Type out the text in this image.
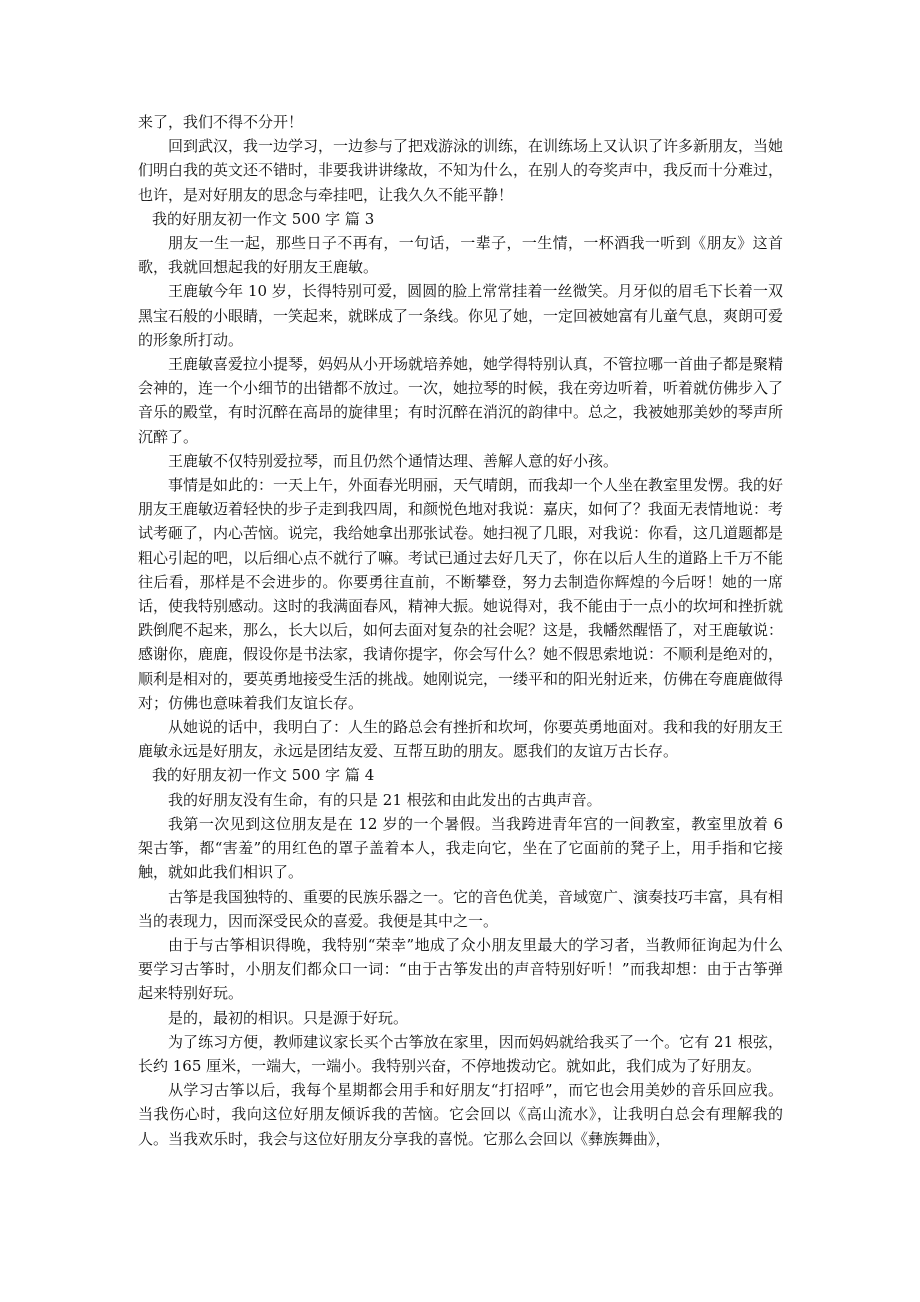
来了，我们不得不分开！

回到武汉，我一边学习，一边参与了把戏游泳的训练，在训练场上又认识了许多新朋友，当她们明白我的英文还不错时，非要我讲讲缘故，不知为什么，在别人的夸奖声中，我反而十分难过，也许，是对好朋友的思念与牵挂吧，让我久久不能平静！

我的好朋友初一作文 500 字 篇 3

朋友一生一起，那些日子不再有，一句话，一辈子，一生情，一杯酒我一听到《朋友》这首歌，我就回想起我的好朋友王鹿敏。

王鹿敏今年 10 岁，长得特别可爱，圆圆的脸上常常挂着一丝微笑。月牙似的眉毛下长着一双黑宝石般的小眼睛，一笑起来，就眯成了一条线。你见了她，一定回被她富有儿童气息，爽朗可爱的形象所打动。

王鹿敏喜爱拉小提琴，妈妈从小开场就培养她，她学得特别认真，不管拉哪一首曲子都是聚精会神的，连一个小细节的出错都不放过。一次，她拉琴的时候，我在旁边听着，听着就仿佛步入了音乐的殿堂，有时沉醉在高昂的旋律里；有时沉醉在消沉的韵律中。总之，我被她那美妙的琴声所沉醉了。

王鹿敏不仅特别爱拉琴，而且仍然个通情达理、善解人意的好小孩。

事情是如此的：一天上午，外面春光明丽，天气晴朗，而我却一个人坐在教室里发愣。我的好朋友王鹿敏迈着轻快的步子走到我四周，和颜悦色地对我说：嘉庆，如何了？我面无表情地说：考试考砸了，内心苦恼。说完，我给她拿出那张试卷。她扫视了几眼，对我说：你看，这几道题都是粗心引起的吧，以后细心点不就行了嘛。考试已通过去好几天了，你在以后人生的道路上千万不能往后看，那样是不会进步的。你要勇往直前，不断攀登，努力去制造你辉煌的今后呀！她的一席话，使我特别感动。这时的我满面春风，精神大振。她说得对，我不能由于一点小的坎坷和挫折就跌倒爬不起来，那么，长大以后，如何去面对复杂的社会呢？这是，我幡然醒悟了，对王鹿敏说：感谢你，鹿鹿，假设你是书法家，我请你提字，你会写什么？她不假思索地说：不顺利是绝对的，顺利是相对的，要英勇地接受生活的挑战。她刚说完，一缕平和的阳光射近来，仿佛在夸鹿鹿做得对；仿佛也意味着我们友谊长存。

从她说的话中，我明白了：人生的路总会有挫折和坎坷，你要英勇地面对。我和我的好朋友王鹿敏永远是好朋友，永远是团结友爱、互帮互助的朋友。愿我们的友谊万古长存。

我的好朋友初一作文 500 字 篇 4

我的好朋友没有生命，有的只是 21 根弦和由此发出的古典声音。

我第一次见到这位朋友是在 12 岁的一个暑假。当我跨进青年宫的一间教室，教室里放着 6 架古筝，都“害羞”的用红色的罩子盖着本人，我走向它，坐在了它面前的凳子上，用手指和它接触，就如此我们相识了。

古筝是我国独特的、重要的民族乐器之一。它的音色优美，音域宽广、演奏技巧丰富，具有相当的表现力，因而深受民众的喜爱。我便是其中之一。

由于与古筝相识得晚，我特别“荣幸”地成了众小朋友里最大的学习者，当教师征询起为什么要学习古筝时，小朋友们都众口一词：“由于古筝发出的声音特别好听！”而我却想：由于古筝弹起来特别好玩。

是的，最初的相识。只是源于好玩。

为了练习方便，教师建议家长买个古筝放在家里，因而妈妈就给我买了一个。它有 21 根弦，长约 165 厘米，一端大，一端小。我特别兴奋，不停地拨动它。就如此，我们成为了好朋友。

从学习古筝以后，我每个星期都会用手和好朋友“打招呼”，而它也会用美妙的音乐回应我。当我伤心时，我向这位好朋友倾诉我的苦恼。它会回以《高山流水》，让我明白总会有理解我的人。当我欢乐时，我会与这位好朋友分享我的喜悦。它那么会回以《彝族舞曲》，
